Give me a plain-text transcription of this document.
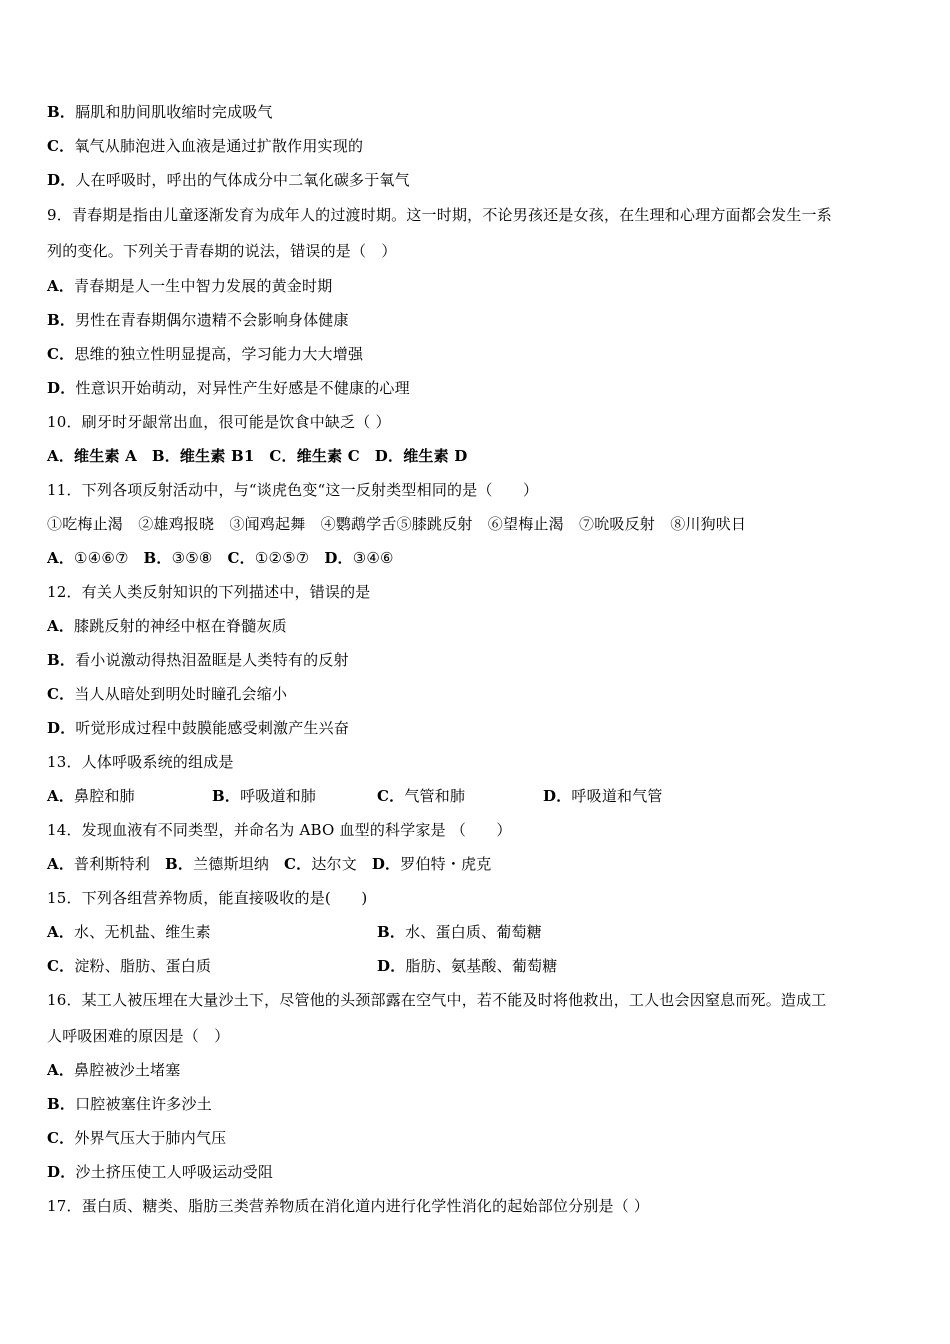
B．膈肌和肋间肌收缩时完成吸气
C．氧气从肺泡进入血液是通过扩散作用实现的
D．人在呼吸时，呼出的气体成分中二氧化碳多于氧气
9．青春期是指由儿童逐渐发育为成年人的过渡时期。这一时期，不论男孩还是女孩，在生理和心理方面都会发生一系
列的变化。下列关于青春期的说法，错误的是（　）
A．青春期是人一生中智力发展的黄金时期
B．男性在青春期偶尔遗精不会影响身体健康
C．思维的独立性明显提高，学习能力大大增强
D．性意识开始萌动，对异性产生好感是不健康的心理
10．刷牙时牙龈常出血，很可能是饮食中缺乏（ ）
A．维生素 A B．维生素 B1 C．维生素 C D．维生素 D
11．下列各项反射活动中，与“谈虎色变“这一反射类型相同的是（　　）
①吃梅止渴　②雄鸡报晓　③闻鸡起舞　④鹦鹉学舌⑤膝跳反射　⑥望梅止渴　⑦吮吸反射　⑧川狗吠日
A．①④⑥⑦ B．③⑤⑧ C．①②⑤⑦ D．③④⑥
12．有关人类反射知识的下列描述中，错误的是
A．膝跳反射的神经中枢在脊髓灰质
B．看小说激动得热泪盈眶是人类特有的反射
C．当人从暗处到明处时瞳孔会缩小
D．听觉形成过程中鼓膜能感受刺激产生兴奋
13．人体呼吸系统的组成是
A．鼻腔和肺	B．呼吸道和肺	C．气管和肺	D．呼吸道和气管
14．发现血液有不同类型，并命名为 ABO 血型的科学家是 （　　）
A．普利斯特利 B．兰德斯坦纳 C．达尔文 D．罗伯特・虎克
15．下列各组营养物质，能直接吸收的是(　　)
A．水、无机盐、维生素	B．水、蛋白质、葡萄糖
C．淀粉、脂肪、蛋白质	D．脂肪、氨基酸、葡萄糖
16．某工人被压埋在大量沙土下，尽管他的头颈部露在空气中，若不能及时将他救出，工人也会因窒息而死。造成工
人呼吸困难的原因是（　）
A．鼻腔被沙土堵塞
B．口腔被塞住许多沙土
C．外界气压大于肺内气压
D．沙土挤压使工人呼吸运动受阻
17．蛋白质、糖类、脂肪三类营养物质在消化道内进行化学性消化的起始部位分别是（ ）
